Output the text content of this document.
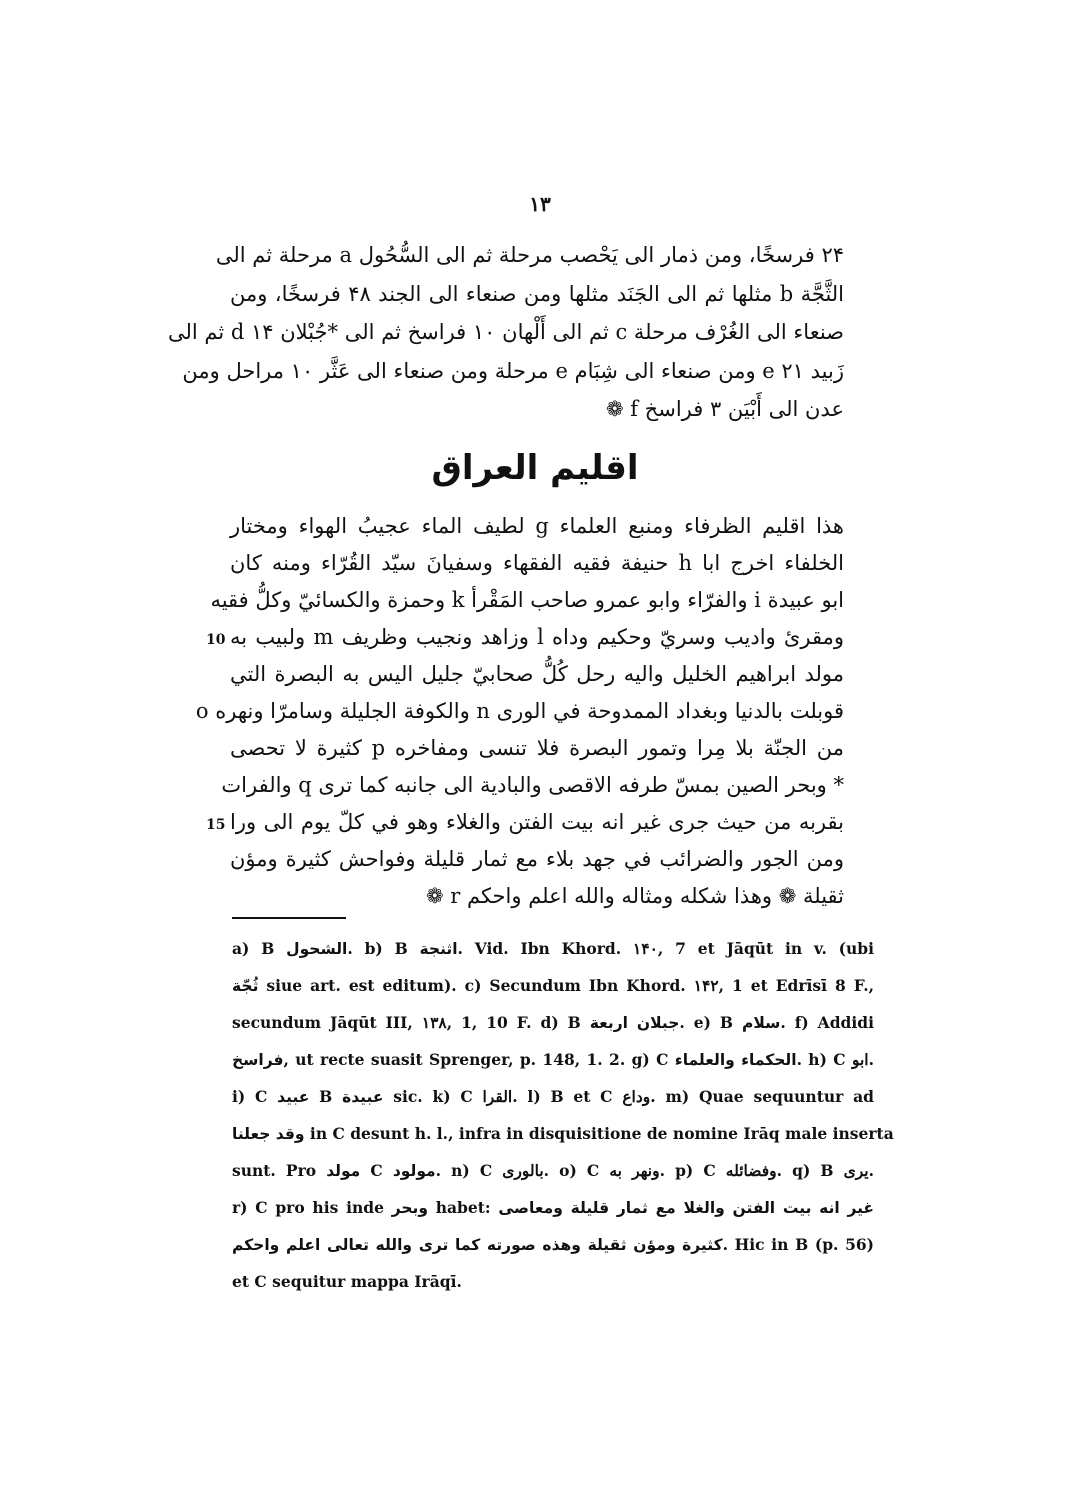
۱۳
۲۴ فرسخًا، ومن ذمار الى يَحْصب مرحلة ثم الى السُّحُول a مرحلة ثم الى
الثَّجَّة b مثلها ثم الى الجَنَد مثلها ومن صنعاء الى الجند ۴۸ فرسخًا، ومن
صنعاء الى الغُرْف مرحلة c ثم الى أَلْهان ۱۰ فراسخ ثم الى *جُبْلان d ۱۴ ثم الى
زَبيد e ۲۱ ومن صنعاء الى شِبَام e مرحلة ومن صنعاء الى عَثَّر ۱۰ مراحل ومن
عدن الى أَبْيَن ۳ فراسخ f ❁
اقليم العراق
هذا اقليم الظرفاء ومنبع العلماء g لطيف الماء عجيبُ الهواء ومختار
الخلفاء اخرج ابا h حنيفة فقيه الفقهاء وسفيانَ سيّد القُرّاء ومنه كان
ابو عبيدة i والفرّاء وابو عمرو صاحب المَقْرأ k وحمزة والكسائيّ وكلُّ فقيه
ومقرئ واديب وسريّ وحكيم وداه l وزاهد ونجيب وظريف m ولبيب به
مولد ابراهيم الخليل واليه رحل كُلُّ صحابيّ جليل اليس به البصرة التي
قوبلت بالدنيا وبغداد الممدوحة في الورى n والكوفة الجليلة وسامرّا ونهره o
من الجنّة بلا مِرا وتمور البصرة فلا تنسى ومفاخره p كثيرة لا تحصى
* وبحر الصين بمسّ طرفه الاقصى والبادية الى جانبه كما ترى q والفرات
بقربه من حيث جرى غير انه بيت الفتن والغلاء وهو في كلّ يوم الى ورا
ومن الجور والضرائب في جهد بلاء مع ثمار قليلة وفواحش كثيرة ومؤن
ثقيلة ❁ وهذا شكله ومثاله والله اعلم واحكم r ❁
10
15
a) B الشحول. b) B اثنجة. Vid. Ibn Khord. ۱۴۰, 7 et Jāqūt in v. (ubi
ثُجّة siue art. est editum). c) Secundum Ibn Khord. ۱۴۲, 1 et Edrīsī 8 F.,
secundum Jāqūt III, ۱۳۸, 1, 10 F. d) B جبلان اربعة. e) B سلام. f) Addidi
فراسخ, ut recte suasit Sprenger, p. 148, 1. 2. g) C الحكماء والعلماء. h) C ابو.
i) C عبيد B عبيدة sic. k) C القرا. l) B et C وداع. m) Quae sequuntur ad
وقد جعلنا in C desunt h. l., infra in disquisitione de nomine Irāq male inserta
sunt. Pro مولد C مولود. n) C بالورى. o) C ونهر به. p) C وفضائله. q) B يرى.
r) C pro his inde وبحر habet: غير انه بيت الفتن والغلا مع ثمار قليلة ومعاصى
كثيرة ومؤن ثقيلة وهذه صورته كما ترى والله تعالى اعلم واحكم. Hic in B (p. 56)
et C sequitur mappa Irāqī.
